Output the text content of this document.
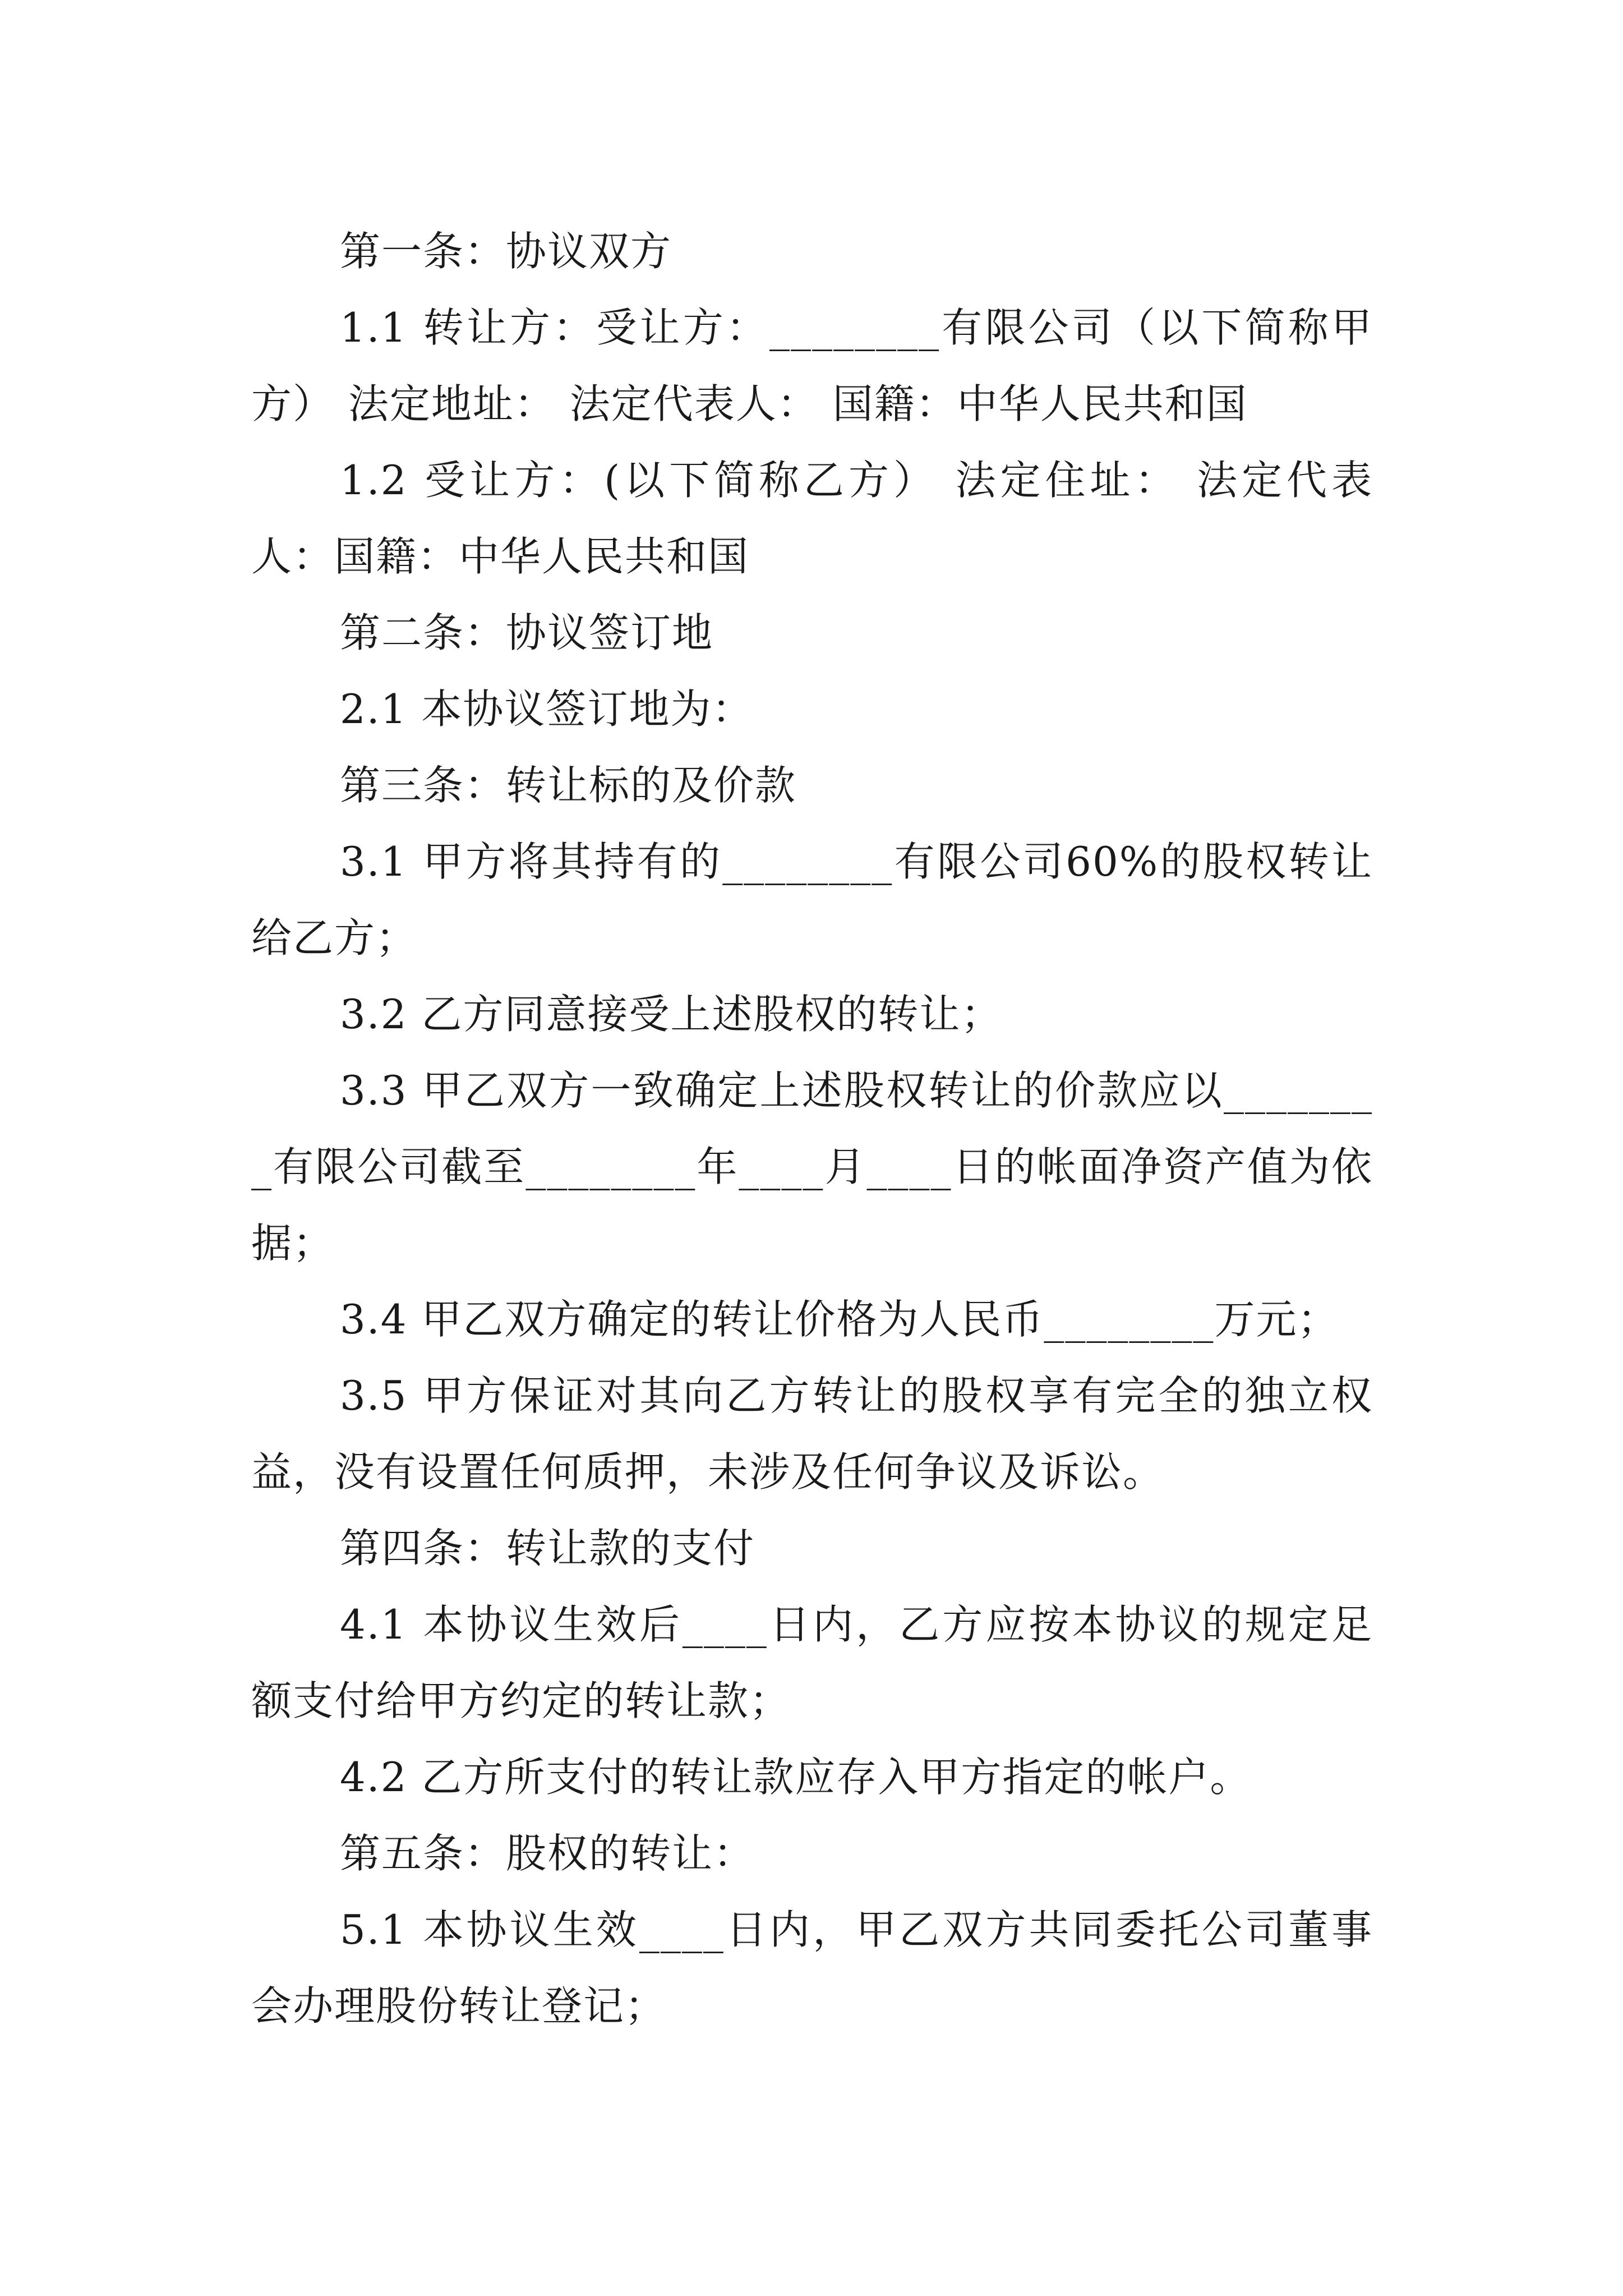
第一条：协议双方

1.1 转让方：受让方：________有限公司（以下简称甲方） 法定地址： 法定代表人： 国籍：中华人民共和国

1.2 受让方：(以下简称乙方） 法定住址： 法定代表人：国籍：中华人民共和国

第二条：协议签订地

2.1 本协议签订地为：

第三条：转让标的及价款

3.1 甲方将其持有的________有限公司60%的股权转让给乙方；

3.2 乙方同意接受上述股权的转让；

3.3 甲乙双方一致确定上述股权转让的价款应以________有限公司截至________年____月____日的帐面净资产值为依据；

3.4 甲乙双方确定的转让价格为人民币________万元；

3.5 甲方保证对其向乙方转让的股权享有完全的独立权益，没有设置任何质押，未涉及任何争议及诉讼。

第四条：转让款的支付

4.1 本协议生效后____日内，乙方应按本协议的规定足额支付给甲方约定的转让款；

4.2 乙方所支付的转让款应存入甲方指定的帐户。

第五条：股权的转让：

5.1 本协议生效____日内，甲乙双方共同委托公司董事会办理股份转让登记；
